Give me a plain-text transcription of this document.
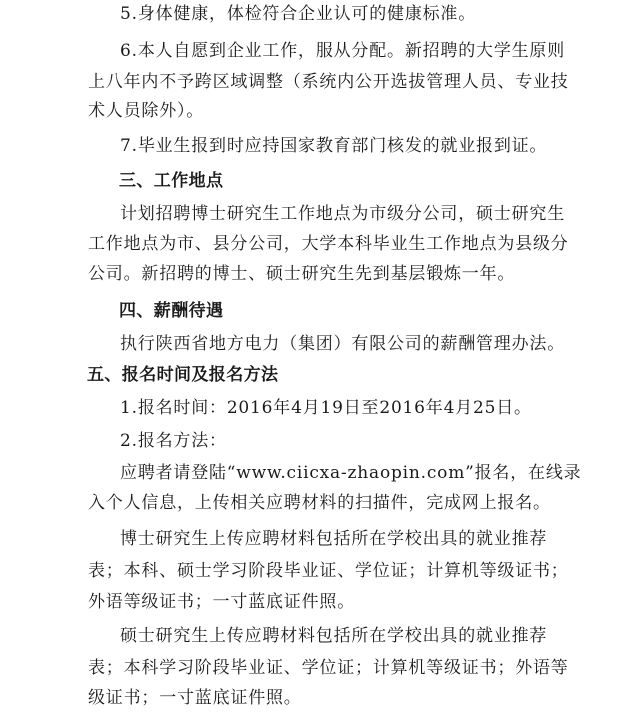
5.身体健康，体检符合企业认可的健康标准。
6.本人自愿到企业工作，服从分配。新招聘的大学生原则
上八年内不予跨区域调整（系统内公开选拔管理人员、专业技
术人员除外）。
7.毕业生报到时应持国家教育部门核发的就业报到证。
三、工作地点
计划招聘博士研究生工作地点为市级分公司，硕士研究生
工作地点为市、县分公司，大学本科毕业生工作地点为县级分
公司。新招聘的博士、硕士研究生先到基层锻炼一年。
四、薪酬待遇
执行陕西省地方电力（集团）有限公司的薪酬管理办法。
五、报名时间及报名方法
1.报名时间：2016年4月19日至2016年4月25日。
2.报名方法：
应聘者请登陆“www.ciicxa-zhaopin.com”报名，在线录
入个人信息，上传相关应聘材料的扫描件，完成网上报名。
博士研究生上传应聘材料包括所在学校出具的就业推荐
表；本科、硕士学习阶段毕业证、学位证；计算机等级证书；
外语等级证书；一寸蓝底证件照。
硕士研究生上传应聘材料包括所在学校出具的就业推荐
表；本科学习阶段毕业证、学位证；计算机等级证书；外语等
级证书；一寸蓝底证件照。
